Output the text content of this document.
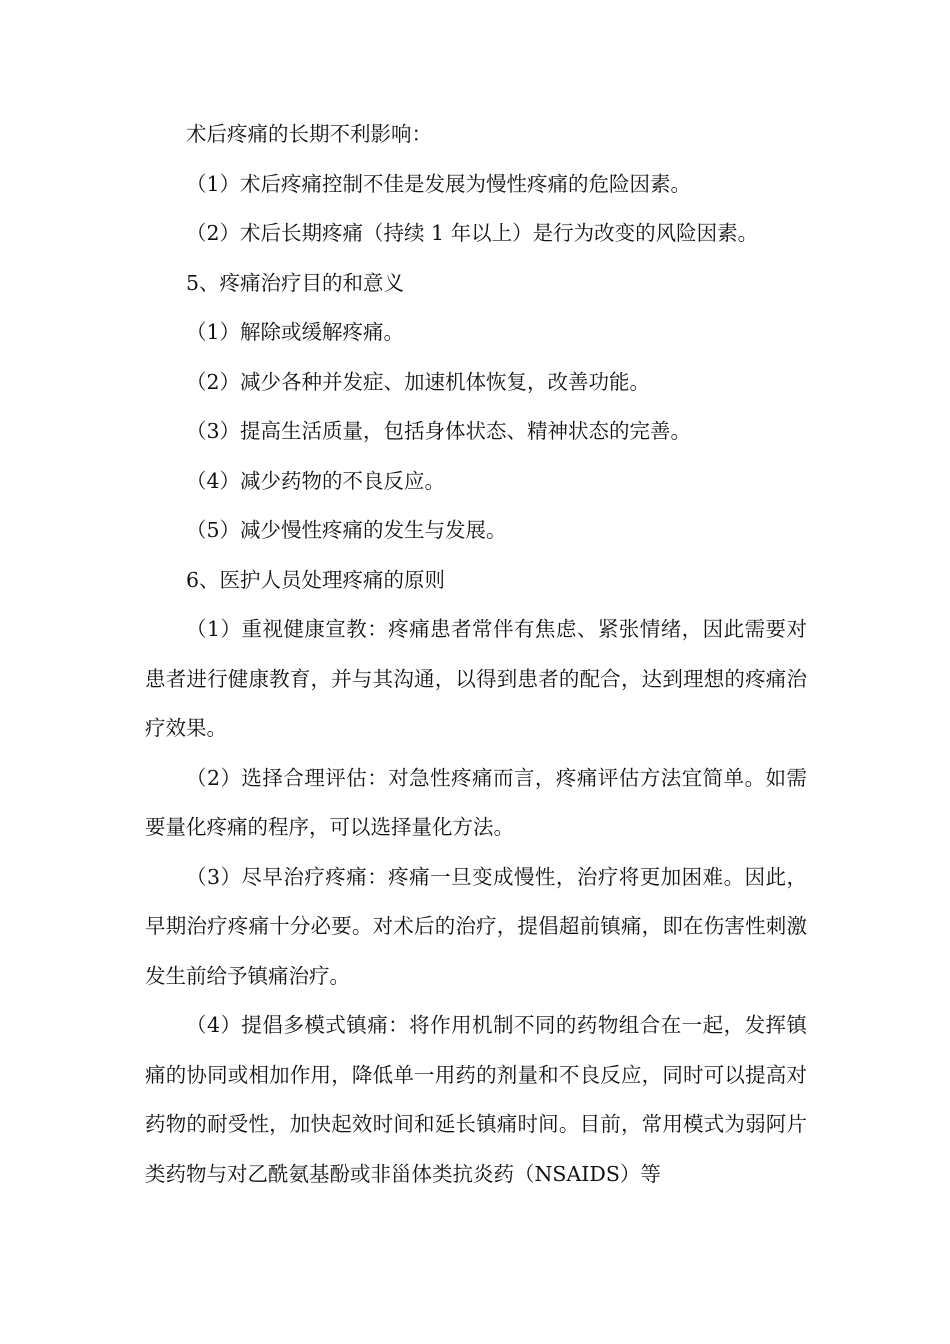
术后疼痛的长期不利影响：

（1）术后疼痛控制不佳是发展为慢性疼痛的危险因素。

（2）术后长期疼痛（持续 1 年以上）是行为改变的风险因素。

5、疼痛治疗目的和意义

（1）解除或缓解疼痛。

（2）减少各种并发症、加速机体恢复，改善功能。

（3）提高生活质量，包括身体状态、精神状态的完善。

（4）减少药物的不良反应。

（5）减少慢性疼痛的发生与发展。

6、医护人员处理疼痛的原则

（1）重视健康宣教：疼痛患者常伴有焦虑、紧张情绪，因此需要对患者进行健康教育，并与其沟通，以得到患者的配合，达到理想的疼痛治疗效果。

（2）选择合理评估：对急性疼痛而言，疼痛评估方法宜简单。如需要量化疼痛的程序，可以选择量化方法。

（3）尽早治疗疼痛：疼痛一旦变成慢性，治疗将更加困难。因此，早期治疗疼痛十分必要。对术后的治疗，提倡超前镇痛，即在伤害性刺激发生前给予镇痛治疗。

（4）提倡多模式镇痛：将作用机制不同的药物组合在一起，发挥镇痛的协同或相加作用，降低单一用药的剂量和不良反应，同时可以提高对药物的耐受性，加快起效时间和延长镇痛时间。目前，常用模式为弱阿片类药物与对乙酰氨基酚或非甾体类抗炎药（NSAIDS）等
